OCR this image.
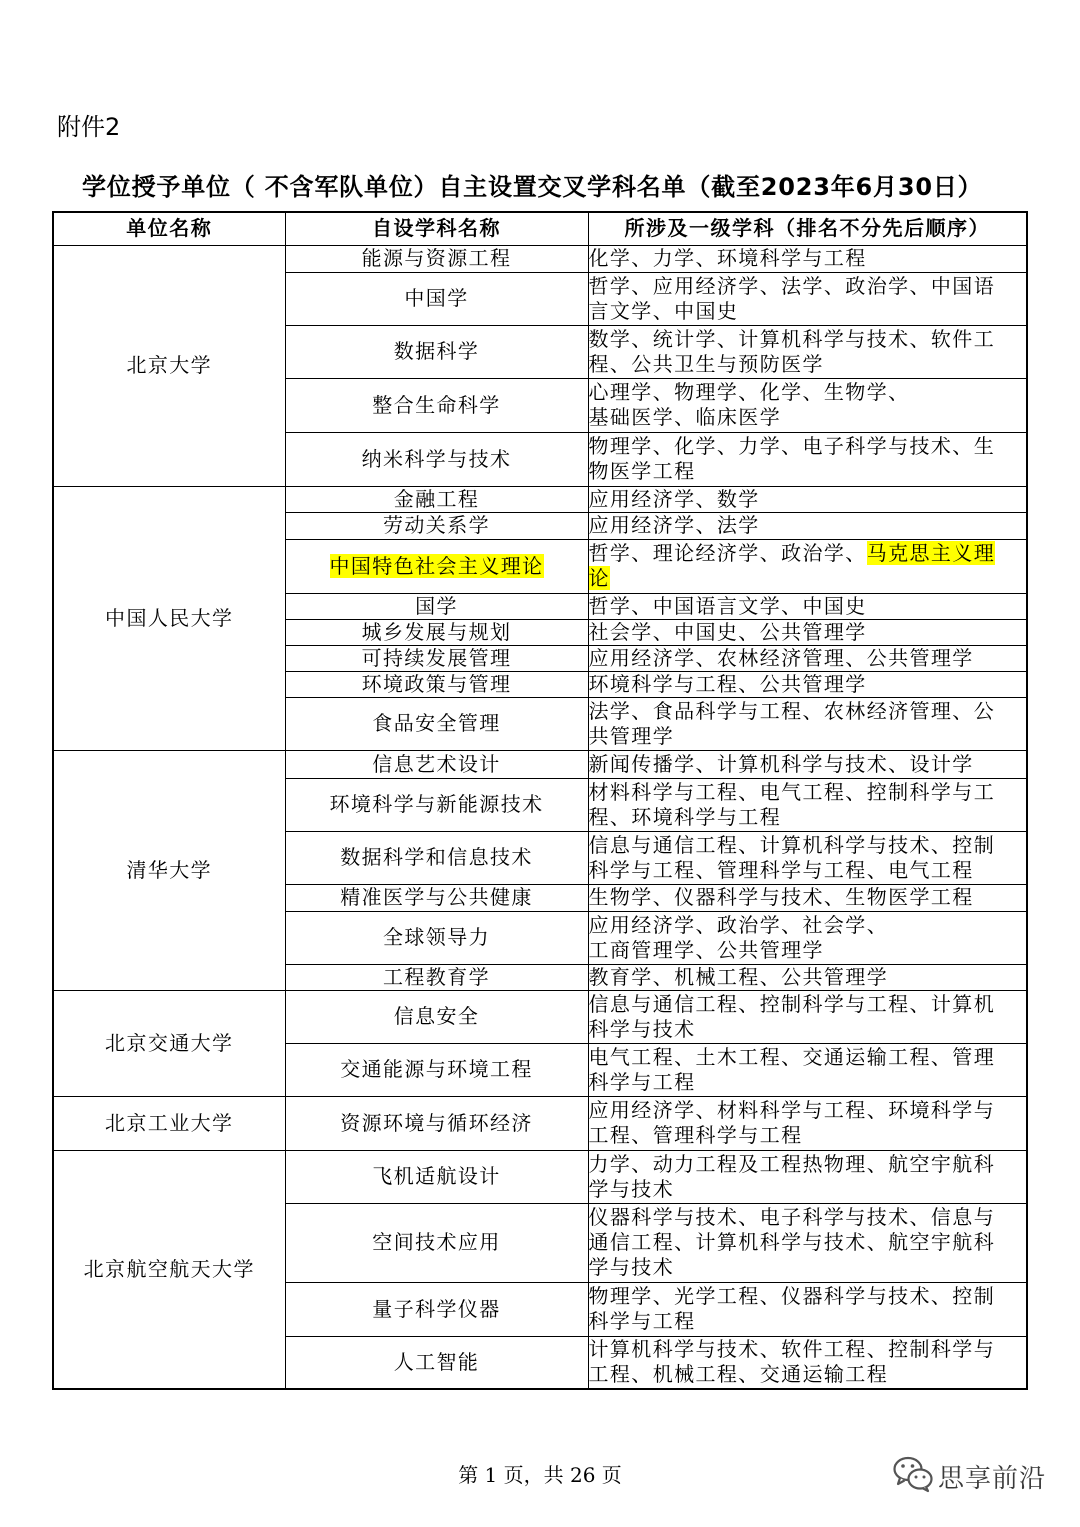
附件2
学位授予单位（ 不含军队单位）自主设置交叉学科名单（截至2023年6月30日）
单位名称	自设学科名称	所涉及一级学科（排名不分先后顺序）
北京大学	能源与资源工程	化学、力学、环境科学与工程
	中国学	哲学、应用经济学、法学、政治学、中国语
言文学、中国史
	数据科学	数学、统计学、计算机科学与技术、软件工
程、公共卫生与预防医学
	整合生命科学	心理学、物理学、化学、生物学、
基础医学、临床医学
	纳米科学与技术	物理学、化学、力学、电子科学与技术、生
物医学工程
中国人民大学	金融工程	应用经济学、数学
	劳动关系学	应用经济学、法学
	中国特色社会主义理论	哲学、理论经济学、政治学、马克思主义理
论
	国学	哲学、中国语言文学、中国史
	城乡发展与规划	社会学、中国史、公共管理学
	可持续发展管理	应用经济学、农林经济管理、公共管理学
	环境政策与管理	环境科学与工程、公共管理学
	食品安全管理	法学、食品科学与工程、农林经济管理、公
共管理学
清华大学	信息艺术设计	新闻传播学、计算机科学与技术、设计学
	环境科学与新能源技术	材料科学与工程、电气工程、控制科学与工
程、环境科学与工程
	数据科学和信息技术	信息与通信工程、计算机科学与技术、控制
科学与工程、管理科学与工程、电气工程
	精准医学与公共健康	生物学、仪器科学与技术、生物医学工程
	全球领导力	应用经济学、政治学、社会学、
工商管理学、公共管理学
	工程教育学	教育学、机械工程、公共管理学
北京交通大学	信息安全	信息与通信工程、控制科学与工程、计算机
科学与技术
	交通能源与环境工程	电气工程、土木工程、交通运输工程、管理
科学与工程
北京工业大学	资源环境与循环经济	应用经济学、材料科学与工程、环境科学与
工程、管理科学与工程
北京航空航天大学	飞机适航设计	力学、动力工程及工程热物理、航空宇航科
学与技术
	空间技术应用	仪器科学与技术、电子科学与技术、信息与
通信工程、计算机科学与技术、航空宇航科
学与技术
	量子科学仪器	物理学、光学工程、仪器科学与技术、控制
科学与工程
	人工智能	计算机科学与技术、软件工程、控制科学与
工程、机械工程、交通运输工程
第 1 页，共 26 页	思享前沿
